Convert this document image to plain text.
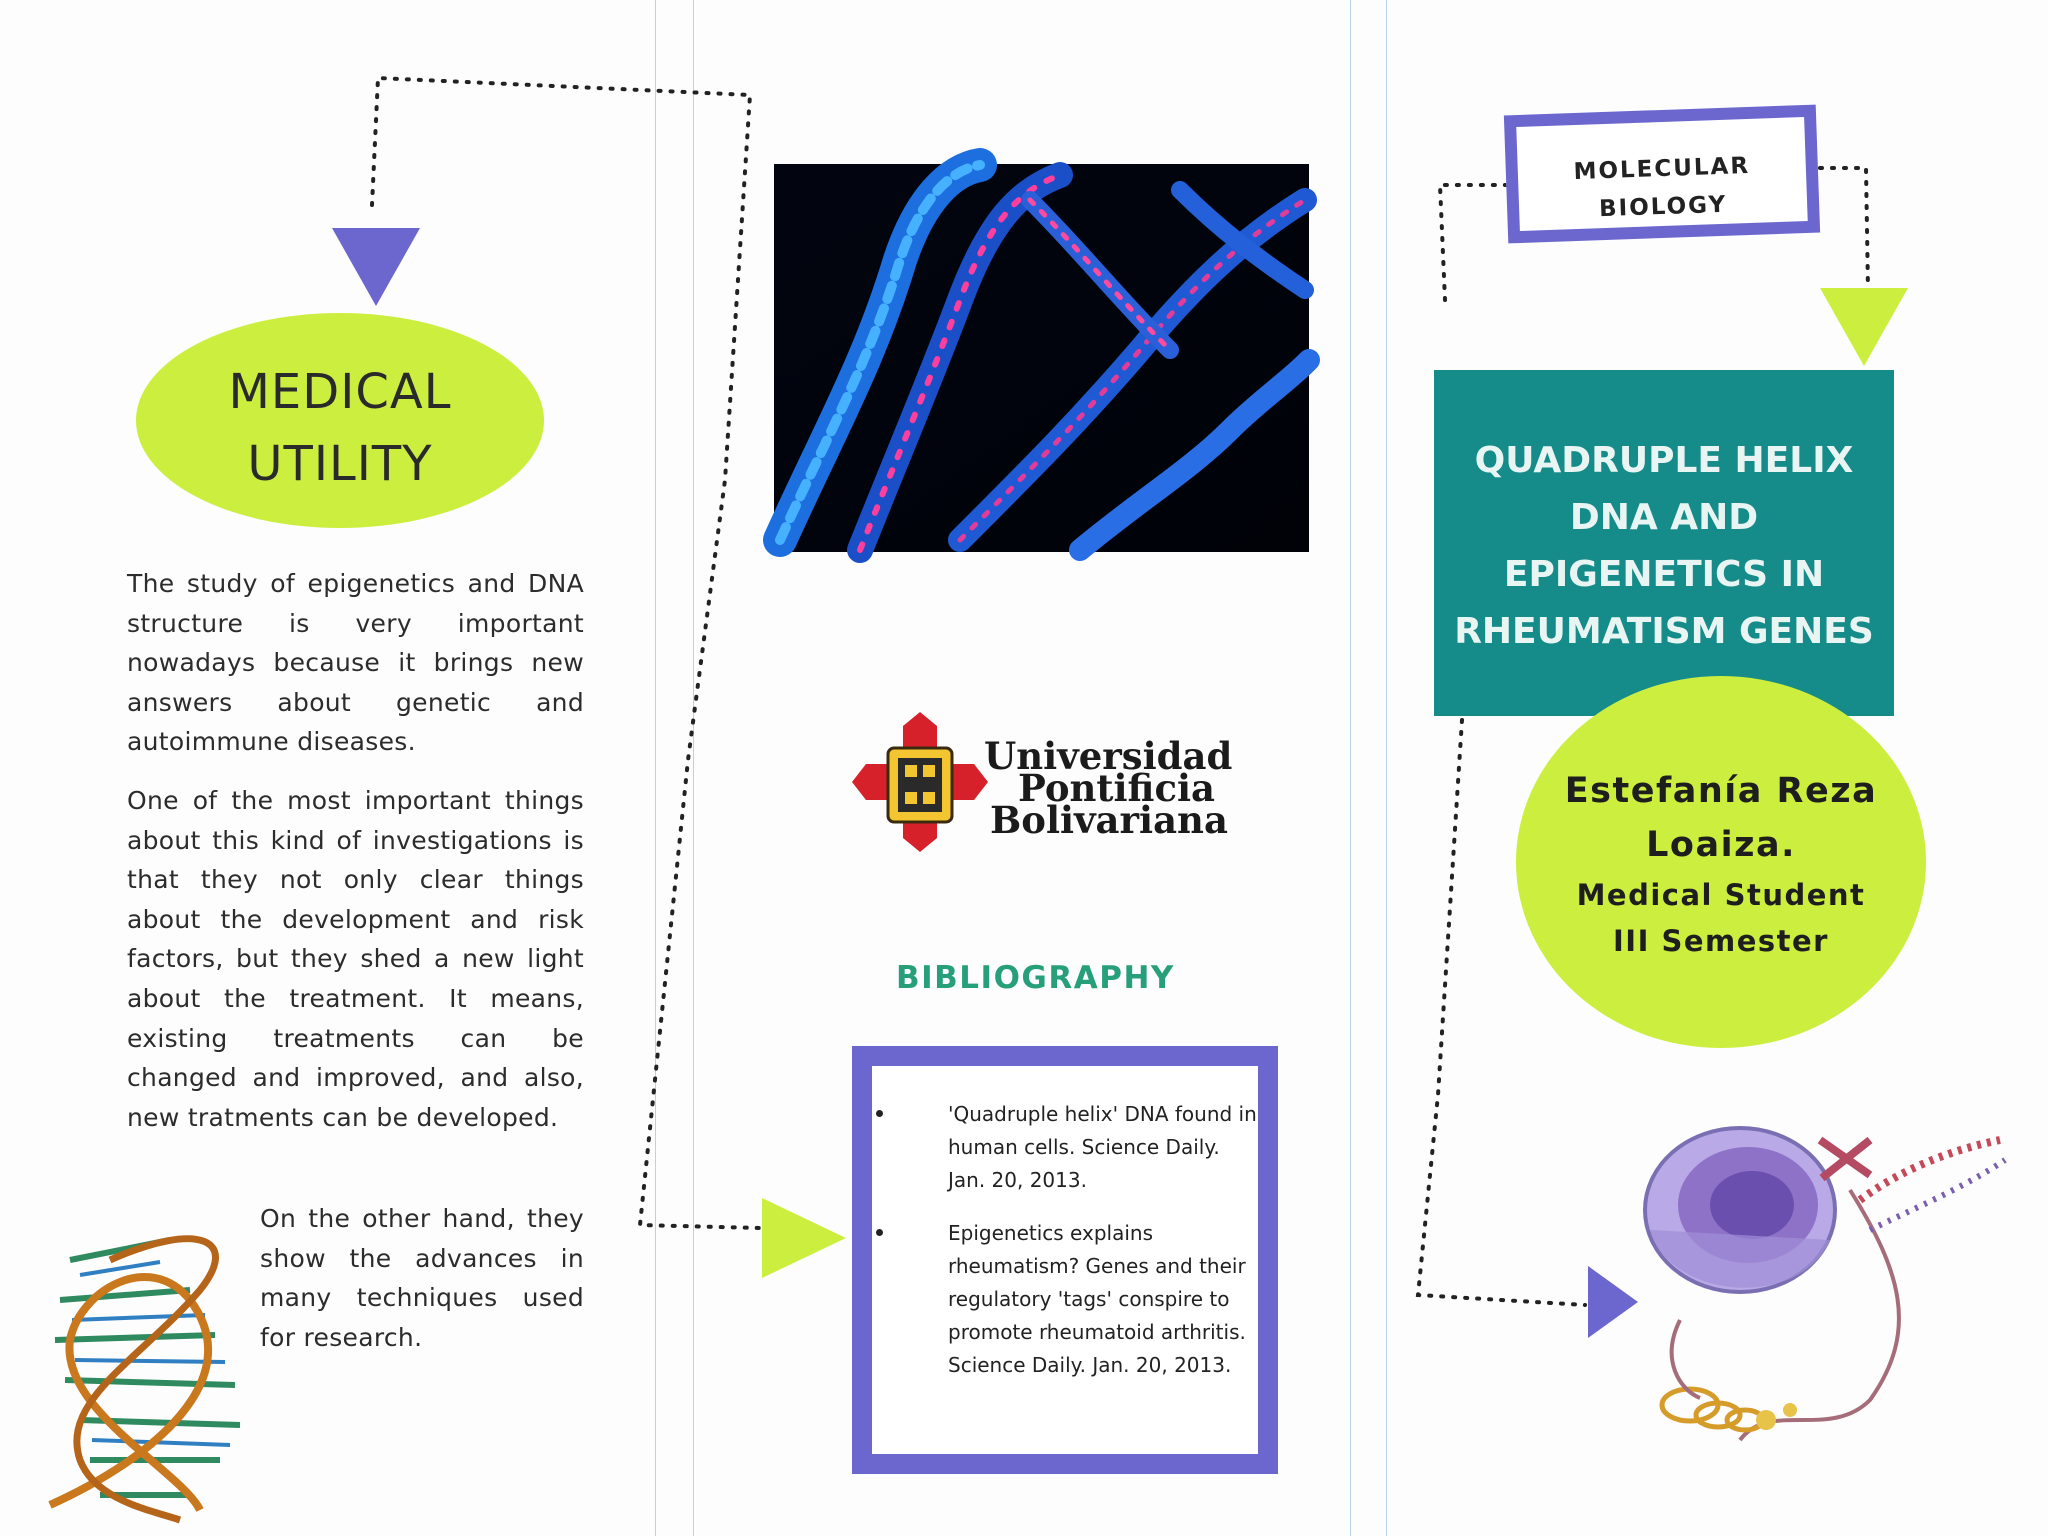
MEDICAL
UTILITY

The study of epigenetics and DNA structure is very important nowadays because it brings new answers about genetic and autoimmune diseases.

One of the most important things about this kind of investigations is that they not only clear things about the development and risk factors, but they shed a new light about the treatment. It means, existing treatments can be changed and improved, and also, new tratments can be developed.

On the other hand, they show the advances in many techniques used for research.

Universidad
Pontificia
Bolivariana
BIBLIOGRAPHY
'Quadruple helix' DNA found in human cells. Science Daily. Jan. 20, 2013.
Epigenetics explains rheumatism? Genes and their regulatory 'tags' conspire to promote rheumatoid arthritis. Science Daily. Jan. 20, 2013.
MOLECULAR
BIOLOGY
QUADRUPLE HELIX
DNA AND
EPIGENETICS IN
RHEUMATISM GENES
Estefanía Reza
Loaiza.
Medical Student
III Semester
